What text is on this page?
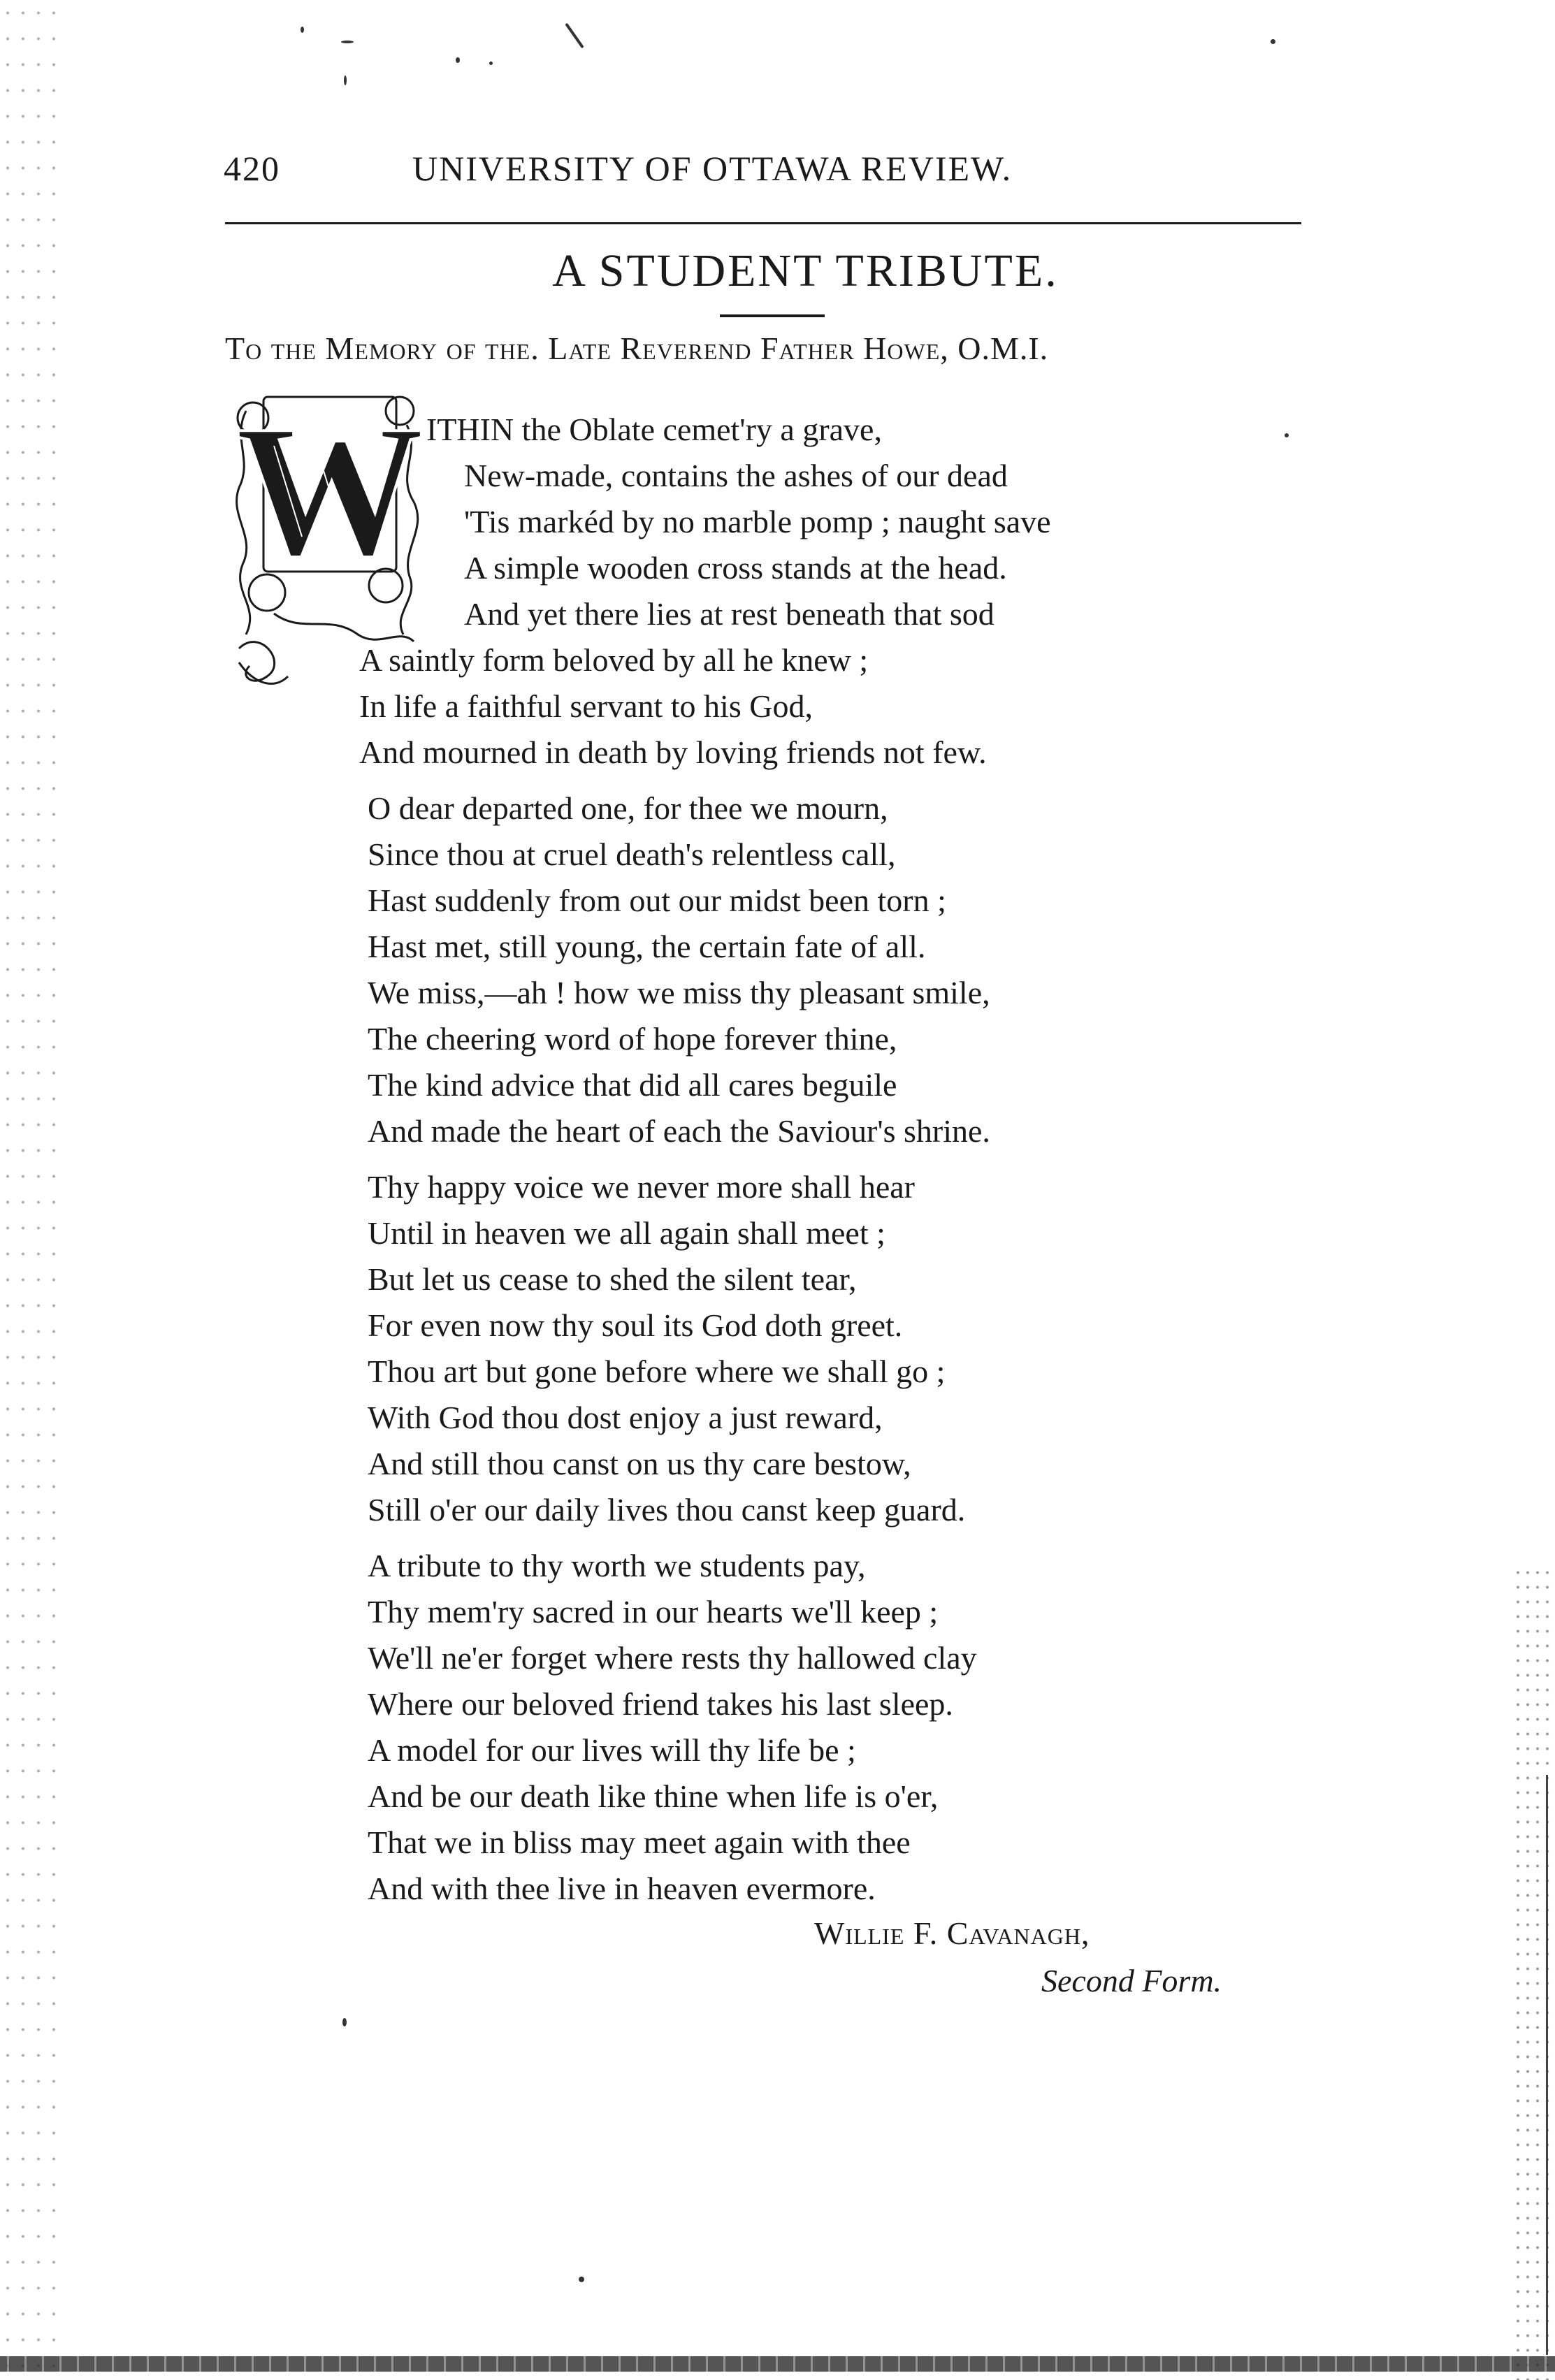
420	UNIVERSITY OF OTTAWA REVIEW.
A STUDENT TRIBUTE.
To the Memory of the. Late Reverend Father Howe, O.M.I.
W ITHIN the Oblate cemet'ry a grave,
New-made, contains the ashes of our dead
'Tis markéd by no marble pomp ; naught save
A simple wooden cross stands at the head.
And yet there lies at rest beneath that sod
A saintly form beloved by all he knew ;
In life a faithful servant to his God,
And mourned in death by loving friends not few.
O dear departed one, for thee we mourn,
Since thou at cruel death's relentless call,
Hast suddenly from out our midst been torn ;
Hast met, still young, the certain fate of all.
We miss,—ah ! how we miss thy pleasant smile,
The cheering word of hope forever thine,
The kind advice that did all cares beguile
And made the heart of each the Saviour's shrine.
Thy happy voice we never more shall hear
Until in heaven we all again shall meet ;
But let us cease to shed the silent tear,
For even now thy soul its God doth greet.
Thou art but gone before where we shall go ;
With God thou dost enjoy a just reward,
And still thou canst on us thy care bestow,
Still o'er our daily lives thou canst keep guard.
A tribute to thy worth we students pay,
Thy mem'ry sacred in our hearts we'll keep ;
We'll ne'er forget where rests thy hallowed clay
Where our beloved friend takes his last sleep.
A model for our lives will thy life be ;
And be our death like thine when life is o'er,
That we in bliss may meet again with thee
And with thee live in heaven evermore.
Willie F. Cavanagh,
Second Form.
